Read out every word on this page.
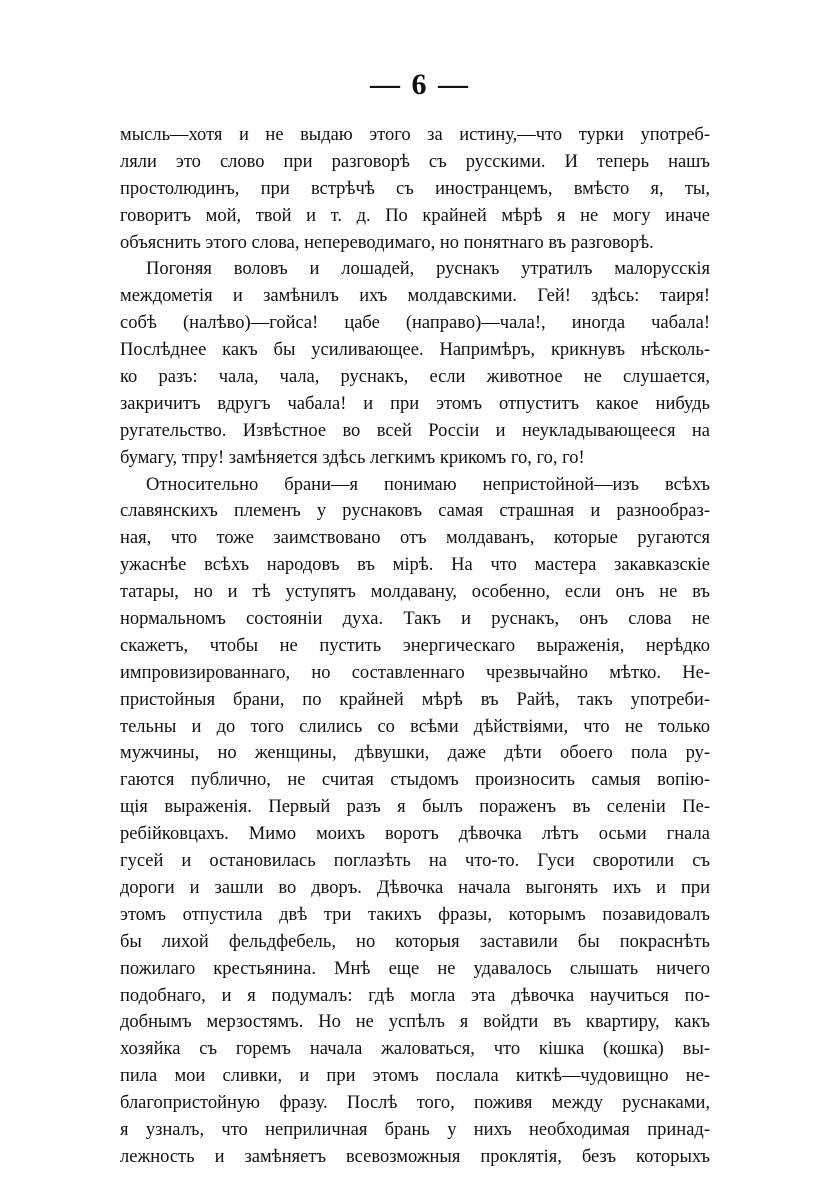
— 6 —
мысль—хотя и не выдаю этого за истину,—что турки употреб-
ляли это слово при разговорѣ съ русскими. И теперь нашъ
простолюдинъ, при встрѣчѣ съ иностранцемъ, вмѣсто я, ты,
говоритъ мой, твой и т. д. По крайней мѣрѣ я не могу иначе
объяснить этого слова, непереводимаго, но понятнаго въ разговорѣ.
Погоняя воловъ и лошадей, руснакъ утратилъ малорусскія
междометія и замѣнилъ ихъ молдавскими. Гей! здѣсь: таиря!
собѣ (налѣво)—гойса! цабе (направо)—чала!, иногда чабала!
Послѣднее какъ бы усиливающее. Напримѣръ, крикнувъ нѣсколь-
ко разъ: чала, чала, руснакъ, если животное не слушается,
закричитъ вдругъ чабала! и при этомъ отпуститъ какое нибудь
ругательство. Извѣстное во всей Россіи и неукладывающееся на
бумагу, тпру! замѣняется здѣсь легкимъ крикомъ го, го, го!
Относительно брани—я понимаю непристойной—изъ всѣхъ
славянскихъ племенъ у руснаковъ самая страшная и разнообраз-
ная, что тоже заимствовано отъ молдаванъ, которые ругаются
ужаснѣе всѣхъ народовъ въ мірѣ. На что мастера закавказскіе
татары, но и тѣ уступятъ молдавану, особенно, если онъ не въ
нормальномъ состояніи духа. Такъ и руснакъ, онъ слова не
скажетъ, чтобы не пустить энергическаго выраженія, нерѣдко
импровизированнаго, но составленнаго чрезвычайно мѣтко. Не-
пристойныя брани, по крайней мѣрѣ въ Райѣ, такъ употреби-
тельны и до того слились со всѣми дѣйствіями, что не только
мужчины, но женщины, дѣвушки, даже дѣти обоего пола ру-
гаются публично, не считая стыдомъ произносить самыя вопію-
щія выраженія. Первый разъ я былъ пораженъ въ селеніи Пе-
ребійковцахъ. Мимо моихъ воротъ дѣвочка лѣтъ осьми гнала
гусей и остановилась поглазѣть на что-то. Гуси своротили съ
дороги и зашли во дворъ. Дѣвочка начала выгонять ихъ и при
этомъ отпустила двѣ три такихъ фразы, которымъ позавидовалъ
бы лихой фельдфебель, но которыя заставили бы покраснѣть
пожилаго крестьянина. Мнѣ еще не удавалось слышать ничего
подобнаго, и я подумалъ: гдѣ могла эта дѣвочка научиться по-
добнымъ мерзостямъ. Но не успѣлъ я войдти въ квартиру, какъ
хозяйка съ горемъ начала жаловаться, что кішка (кошка) вы-
пила мои сливки, и при этомъ послала киткѣ—чудовищно не-
благопристойную фразу. Послѣ того, поживя между руснаками,
я узналъ, что неприличная брань у нихъ необходимая принад-
лежность и замѣняетъ всевозможныя проклятія, безъ которыхъ
